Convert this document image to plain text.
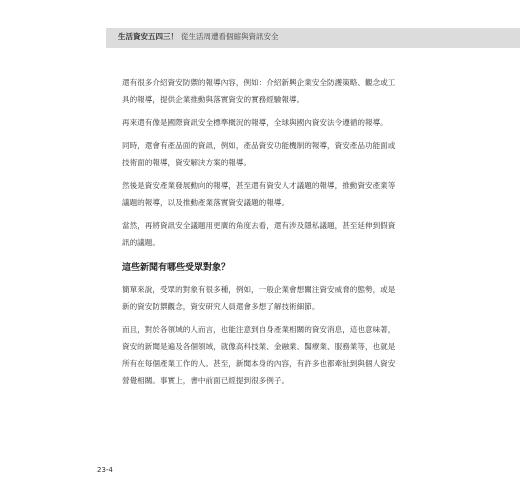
生活資安五四三！ 從生活周遭看個縮與資訊安全

還有很多介紹資安防禦的報導內容，例如：介紹新興企業安全防護策略、觀念或工具的報導，提供企業推動與落實資安的實務經驗報導。

再來還有像是國際資訊安全標準概況的報導，全球與國內資安法令遵循的報導。

同時，還會有產品面的資訊，例如，產品資安功能機制的報導，資安產品功能面或技術面的報導，資安解決方案的報導。

然後是資安產業發展動向的報導，甚至還有資安人才議題的報導，推動資安產業等議題的報導，以及推動產業落實資安議題的報導。

當然，再將資訊安全議題用更廣的角度去看，還有涉及隱私議題，甚至延伸到假資訊的議題。

這些新聞有哪些受眾對象？

簡單來說，受眾的對象有很多種，例如，一般企業會想關注資安威脅的態勢，或是新的資安防禦觀念，資安研究人員還會多想了解技術細節。

而且，對於各領域的人而言，也能注意到自身產業相關的資安消息，這也意味著，資安的新聞是遍及各個領域，就像高科技業、金融業、醫療業、服務業等，也就是所有在每個產業工作的人。甚至，新聞本身的內容，有許多也都牽扯到與個人資安營覺相關。事實上，書中前面已經提到很多例子。

23-4
